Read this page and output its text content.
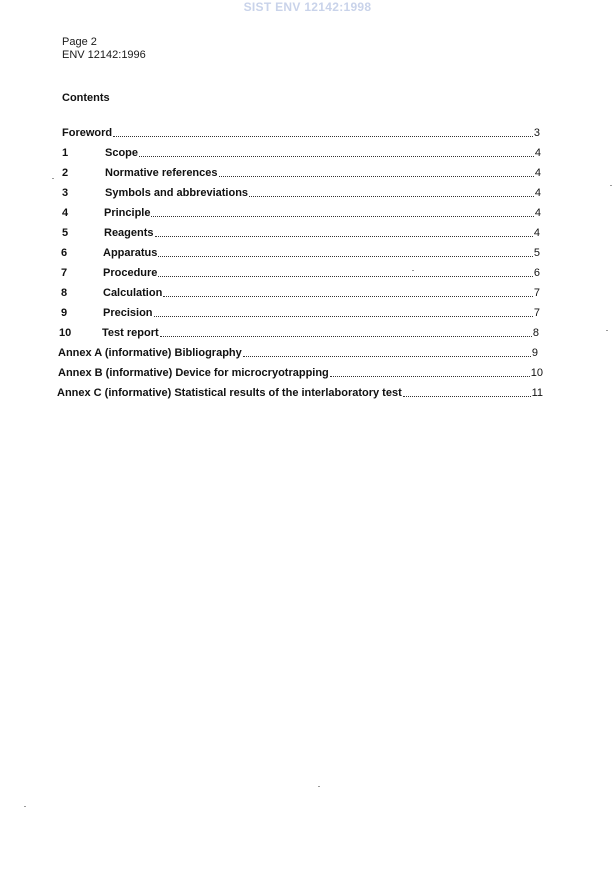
SIST ENV 12142:1998
Page 2
ENV 12142:1996
Contents
Foreword	3
1	Scope	4
2	Normative references	4
3	Symbols and abbreviations	4
4	Principle	4
5	Reagents	4
6	Apparatus	5
7	Procedure	6
8	Calculation	7
9	Precision	7
10	Test report	8
Annex A (informative) Bibliography	9
Annex B (informative) Device for microcryotrapping	10
Annex C (informative) Statistical results of the interlaboratory test	11
